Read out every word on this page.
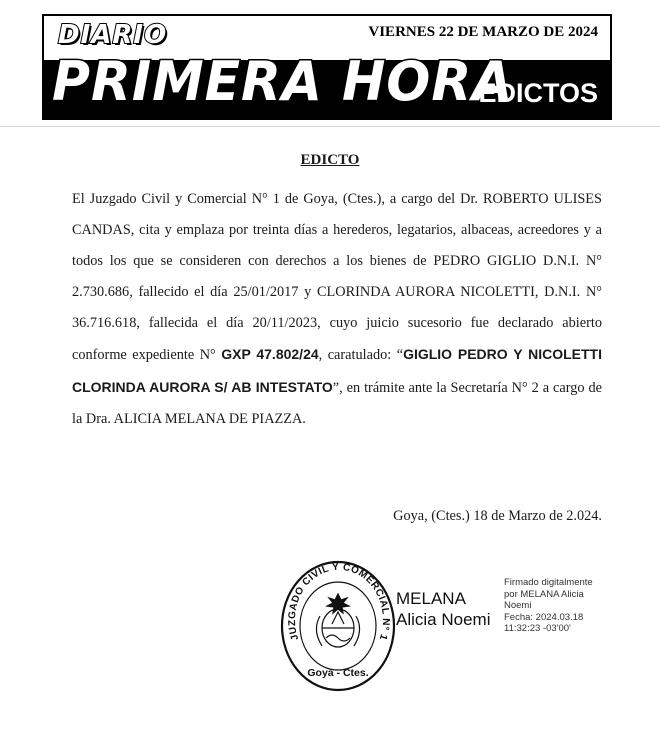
DIARIO	VIERNES 22 DE MARZO DE 2024
PRIMERA HORA
EDICTOS
EDICTO

El Juzgado Civil y Comercial N° 1 de Goya, (Ctes.), a cargo del Dr. ROBERTO ULISES CANDAS, cita y emplaza por treinta días a herederos, legatarios, albaceas, acreedores y a todos los que se consideren con derechos a los bienes de PEDRO GIGLIO D.N.I. N° 2.730.686, fallecido el día 25/01/2017 y CLORINDA AURORA NICOLETTI, D.N.I. N° 36.716.618, fallecida el día 20/11/2023, cuyo juicio sucesorio fue declarado abierto conforme expediente N° GXP 47.802/24, caratulado: “GIGLIO PEDRO Y NICOLETTI CLORINDA AURORA S/ AB INTESTATO”, en trámite ante la Secretaría N° 2 a cargo de la Dra. ALICIA MELANA DE PIAZZA.

Goya, (Ctes.) 18 de Marzo de 2.024.
JUZGADO CIVIL Y COMERCIAL N° 1
Goya - Ctes.
MELANA
Alicia Noemi
Firmado digitalmente
por MELANA Alicia
Noemi
Fecha: 2024.03.18
11:32:23 -03'00'
